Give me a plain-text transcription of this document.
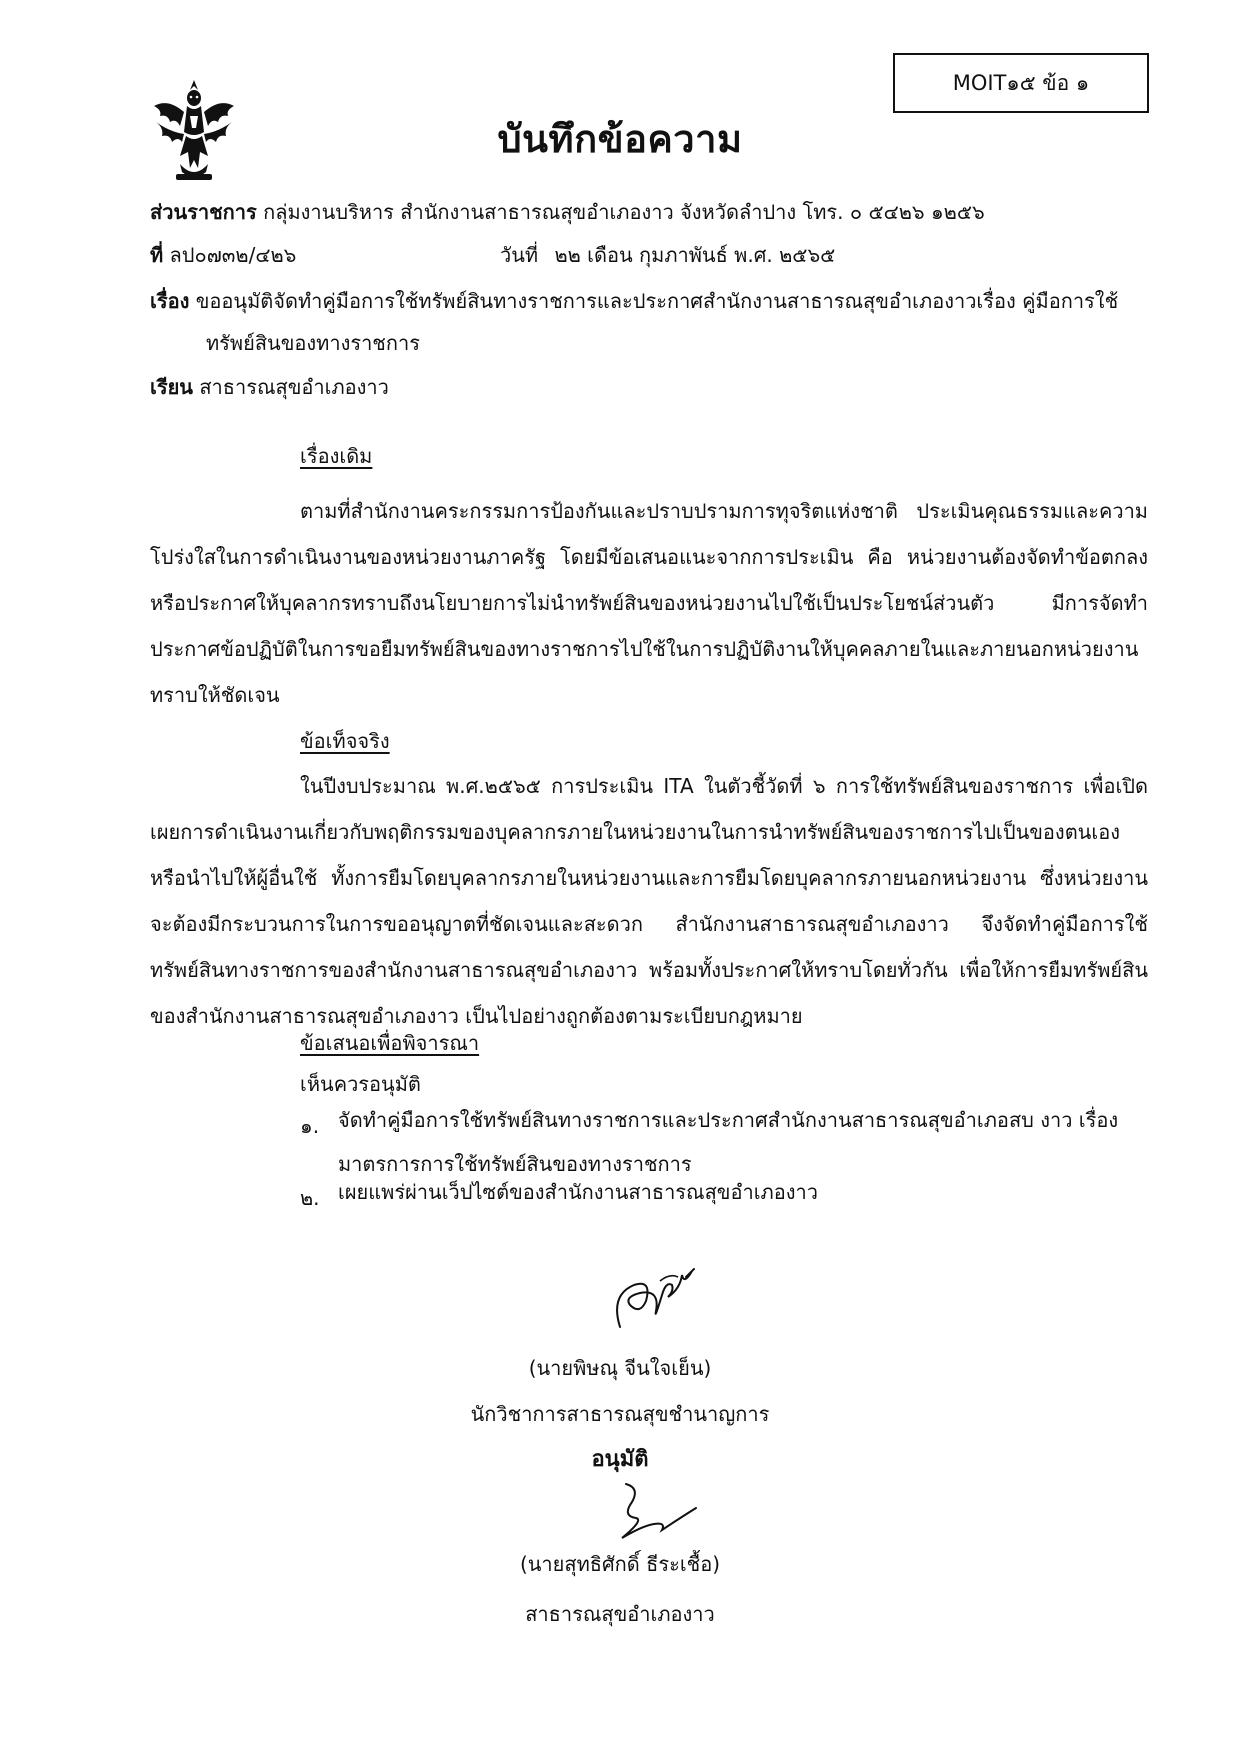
MOIT๑๕ ข้อ ๑
บันทึกข้อความ
ส่วนราชการ กลุ่มงานบริหาร สำนักงานสาธารณสุขอำเภองาว จังหวัดลำปาง โทร. ๐ ๕๔๒๖ ๑๒๕๖
ที่ ลป๐๗๓๒/๔๒๖	วันที่ ๒๒ เดือน กุมภาพันธ์ พ.ศ. ๒๕๖๕
เรื่อง ขออนุมัติจัดทำคู่มือการใช้ทรัพย์สินทางราชการและประกาศสำนักงานสาธารณสุขอำเภองาวเรื่อง คู่มือการใช้
ทรัพย์สินของทางราชการ
เรียน สาธารณสุขอำเภองาว
เรื่องเดิม

ตามที่สำนักงานคระกรรมการป้องกันและปราบปรามการทุจริตแห่งชาติ ประเมินคุณธรรมและความโปร่งใสในการดำเนินงานของหน่วยงานภาครัฐ โดยมีข้อเสนอแนะจากการประเมิน คือ หน่วยงานต้องจัดทำข้อตกลงหรือประกาศให้บุคลากรทราบถึงนโยบายการไม่นำทรัพย์สินของหน่วยงานไปใช้เป็นประโยชน์ส่วนตัว มีการจัดทำประกาศข้อปฏิบัติในการขอยืมทรัพย์สินของทางราชการไปใช้ในการปฏิบัติงานให้บุคคลภายในและภายนอกหน่วยงานทราบให้ชัดเจน

ข้อเท็จจริง

ในปีงบประมาณ พ.ศ.๒๕๖๕ การประเมิน ITA ในตัวชี้วัดที่ ๖ การใช้ทรัพย์สินของราชการ เพื่อเปิดเผยการดำเนินงานเกี่ยวกับพฤติกรรมของบุคลากรภายในหน่วยงานในการนำทรัพย์สินของราชการไปเป็นของตนเองหรือนำไปให้ผู้อื่นใช้ ทั้งการยืมโดยบุคลากรภายในหน่วยงานและการยืมโดยบุคลากรภายนอกหน่วยงาน ซึ่งหน่วยงานจะต้องมีกระบวนการในการขออนุญาตที่ชัดเจนและสะดวก สำนักงานสาธารณสุขอำเภองาว จึงจัดทำคู่มือการใช้ทรัพย์สินทางราชการของสำนักงานสาธารณสุขอำเภองาว พร้อมทั้งประกาศให้ทราบโดยทั่วกัน เพื่อให้การยืมทรัพย์สินของสำนักงานสาธารณสุขอำเภองาว เป็นไปอย่างถูกต้องตามระเบียบกฎหมาย

ข้อเสนอเพื่อพิจารณา
เห็นควรอนุมัติ
๑. จัดทำคู่มือการใช้ทรัพย์สินทางราชการและประกาศสำนักงานสาธารณสุขอำเภอสบ งาว เรื่อง
มาตรการการใช้ทรัพย์สินของทางราชการ
๒. เผยแพร่ผ่านเว็ปไซต์ของสำนักงานสาธารณสุขอำเภองาว
(นายพิษณุ จีนใจเย็น)
นักวิชาการสาธารณสุขชำนาญการ
อนุมัติ
(นายสุทธิศักดิ์ ธีระเชื้อ)
สาธารณสุขอำเภองาว
